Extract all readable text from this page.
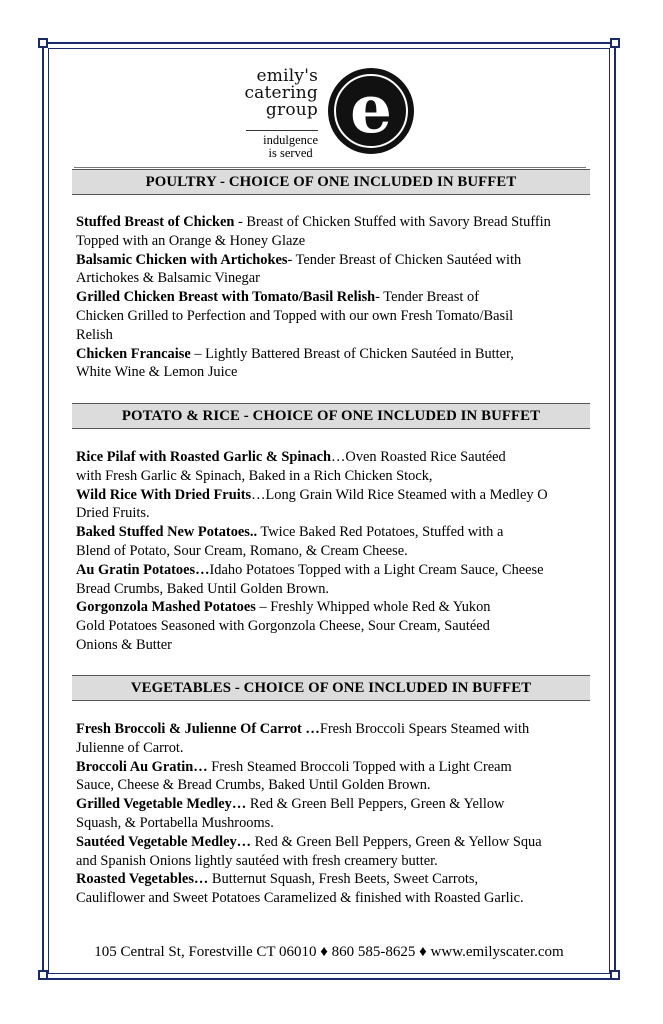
emily's
catering
group
indulgence
is served
e
POULTRY - CHOICE OF ONE INCLUDED IN BUFFET

Stuffed Breast of Chicken - Breast of Chicken Stuffed with Savory Bread Stuffin
Topped with an Orange & Honey Glaze

Balsamic Chicken with Artichokes- Tender Breast of Chicken Sautéed with
Artichokes & Balsamic Vinegar

Grilled Chicken Breast with Tomato/Basil Relish- Tender Breast of
Chicken Grilled to Perfection and Topped with our own Fresh Tomato/Basil
Relish

Chicken Francaise – Lightly Battered Breast of Chicken Sautéed in Butter,
White Wine & Lemon Juice

POTATO & RICE - CHOICE OF ONE INCLUDED IN BUFFET

Rice Pilaf with Roasted Garlic & Spinach…Oven Roasted Rice Sautéed
with Fresh Garlic & Spinach, Baked in a Rich Chicken Stock,

Wild Rice With Dried Fruits…Long Grain Wild Rice Steamed with a Medley O
Dried Fruits.

Baked Stuffed New Potatoes.. Twice Baked Red Potatoes, Stuffed with a
Blend of Potato, Sour Cream, Romano, & Cream Cheese.

Au Gratin Potatoes…Idaho Potatoes Topped with a Light Cream Sauce, Cheese
Bread Crumbs, Baked Until Golden Brown.

Gorgonzola Mashed Potatoes – Freshly Whipped whole Red & Yukon
Gold Potatoes Seasoned with Gorgonzola Cheese, Sour Cream, Sautéed
Onions & Butter

VEGETABLES - CHOICE OF ONE INCLUDED IN BUFFET

Fresh Broccoli & Julienne Of Carrot …Fresh Broccoli Spears Steamed with
Julienne of Carrot.

Broccoli Au Gratin… Fresh Steamed Broccoli Topped with a Light Cream
Sauce, Cheese & Bread Crumbs, Baked Until Golden Brown.

Grilled Vegetable Medley… Red & Green Bell Peppers, Green & Yellow
Squash, & Portabella Mushrooms.

Sautéed Vegetable Medley… Red & Green Bell Peppers, Green & Yellow Squa
and Spanish Onions lightly sautéed with fresh creamery butter.

Roasted Vegetables… Butternut Squash, Fresh Beets, Sweet Carrots,
Cauliflower and Sweet Potatoes Caramelized & finished with Roasted Garlic.

105 Central St, Forestville CT 06010 ♦ 860 585-8625 ♦ www.emilyscater.com
